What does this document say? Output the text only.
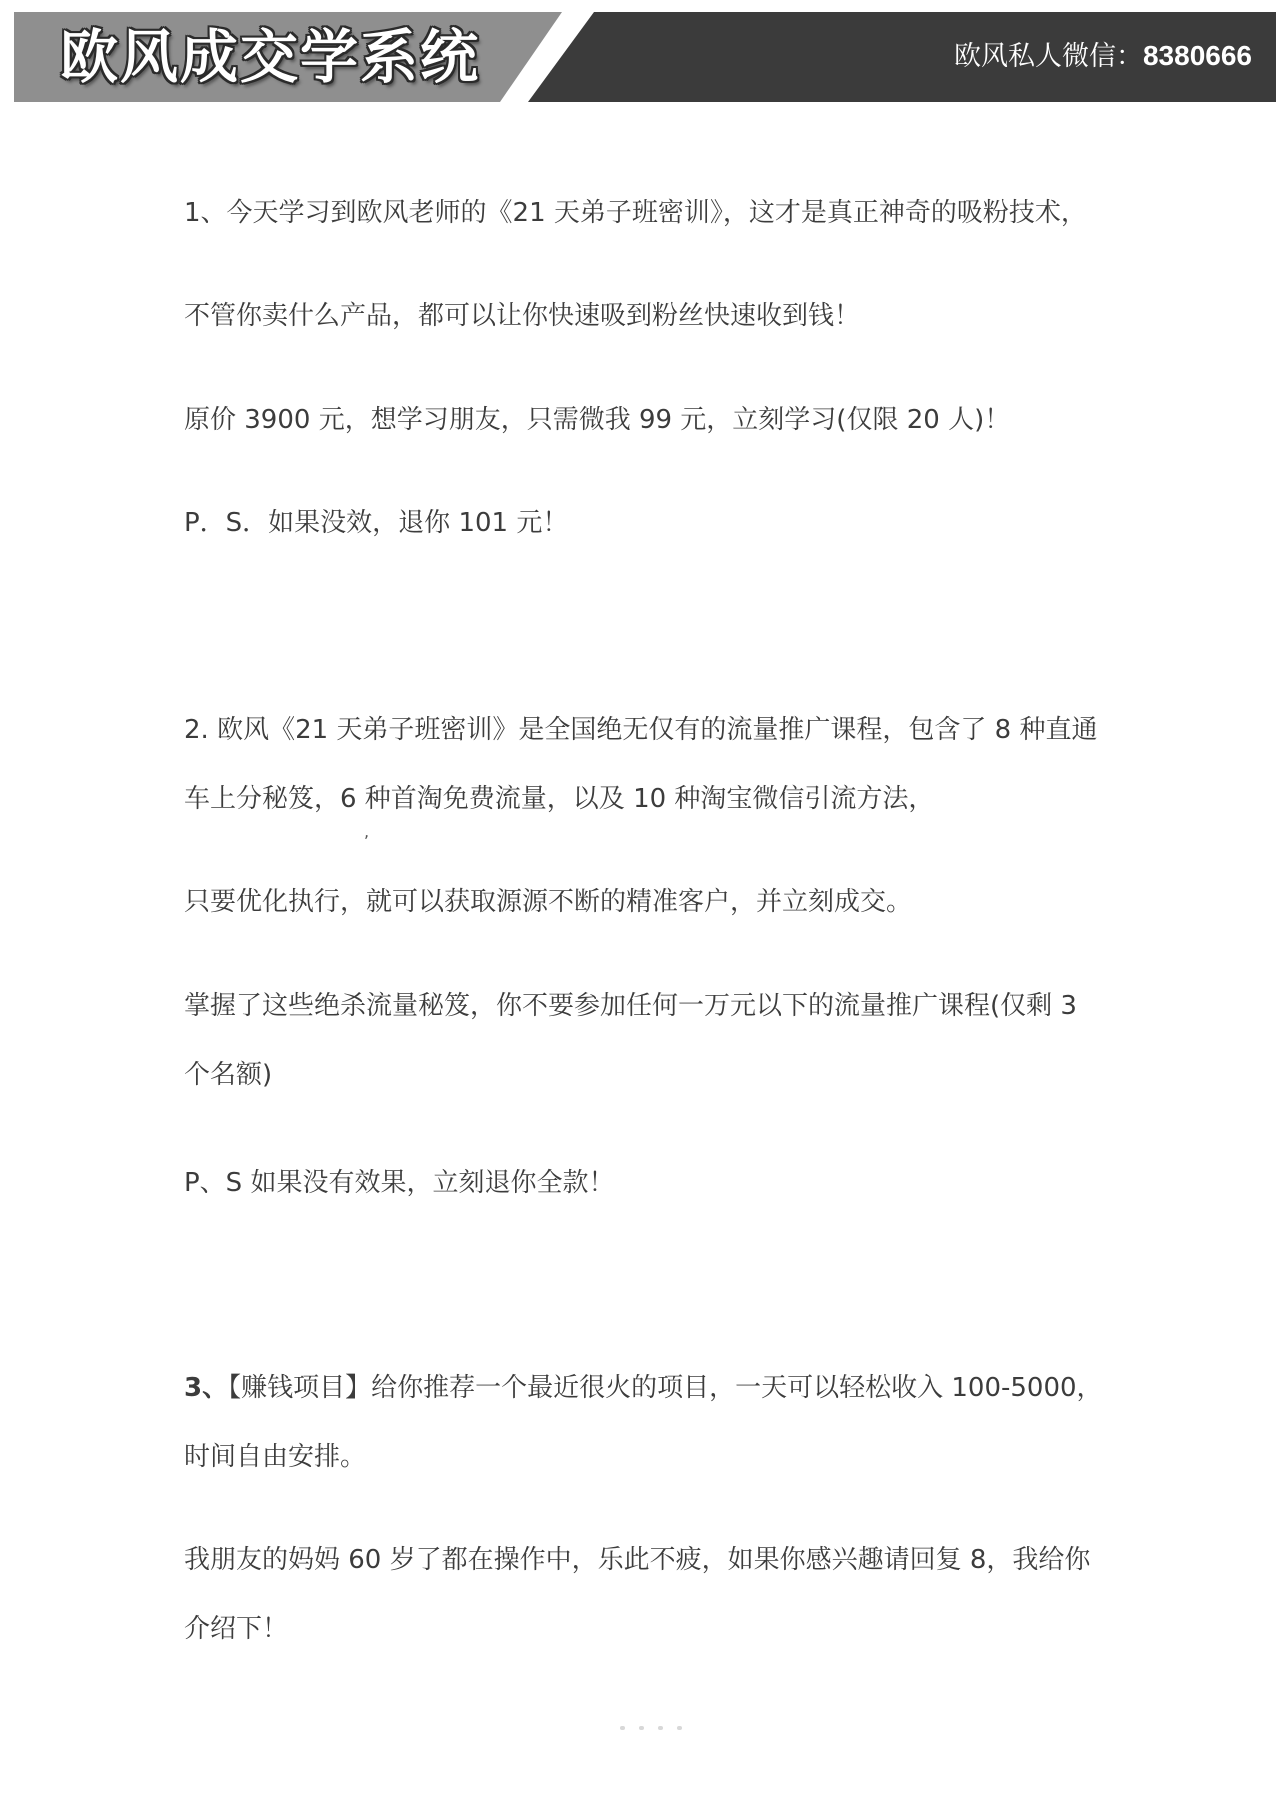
欧风成交学系统	欧风私人微信：8380666
1、今天学习到欧风老师的《21 天弟子班密训》，这才是真正神奇的吸粉技术，
不管你卖什么产品，都可以让你快速吸到粉丝快速收到钱！
原价 3900 元，想学习朋友，只需微我 99 元，立刻学习(仅限 20 人)！
P．S．如果没效，退你 101 元！
2. 欧风《21 天弟子班密训》是全国绝无仅有的流量推广课程，包含了 8 种直通
车上分秘笈，6 种首淘免费流量，以及 10 种淘宝微信引流方法，
只要优化执行，就可以获取源源不断的精准客户，并立刻成交。
掌握了这些绝杀流量秘笈，你不要参加任何一万元以下的流量推广课程(仅剩 3
个名额)
P、S 如果没有效果，立刻退你全款！
3、【赚钱项目】给你推荐一个最近很火的项目，一天可以轻松收入 100-5000，
时间自由安排。
我朋友的妈妈 60 岁了都在操作中，乐此不疲，如果你感兴趣请回复 8，我给你
介绍下！
,
